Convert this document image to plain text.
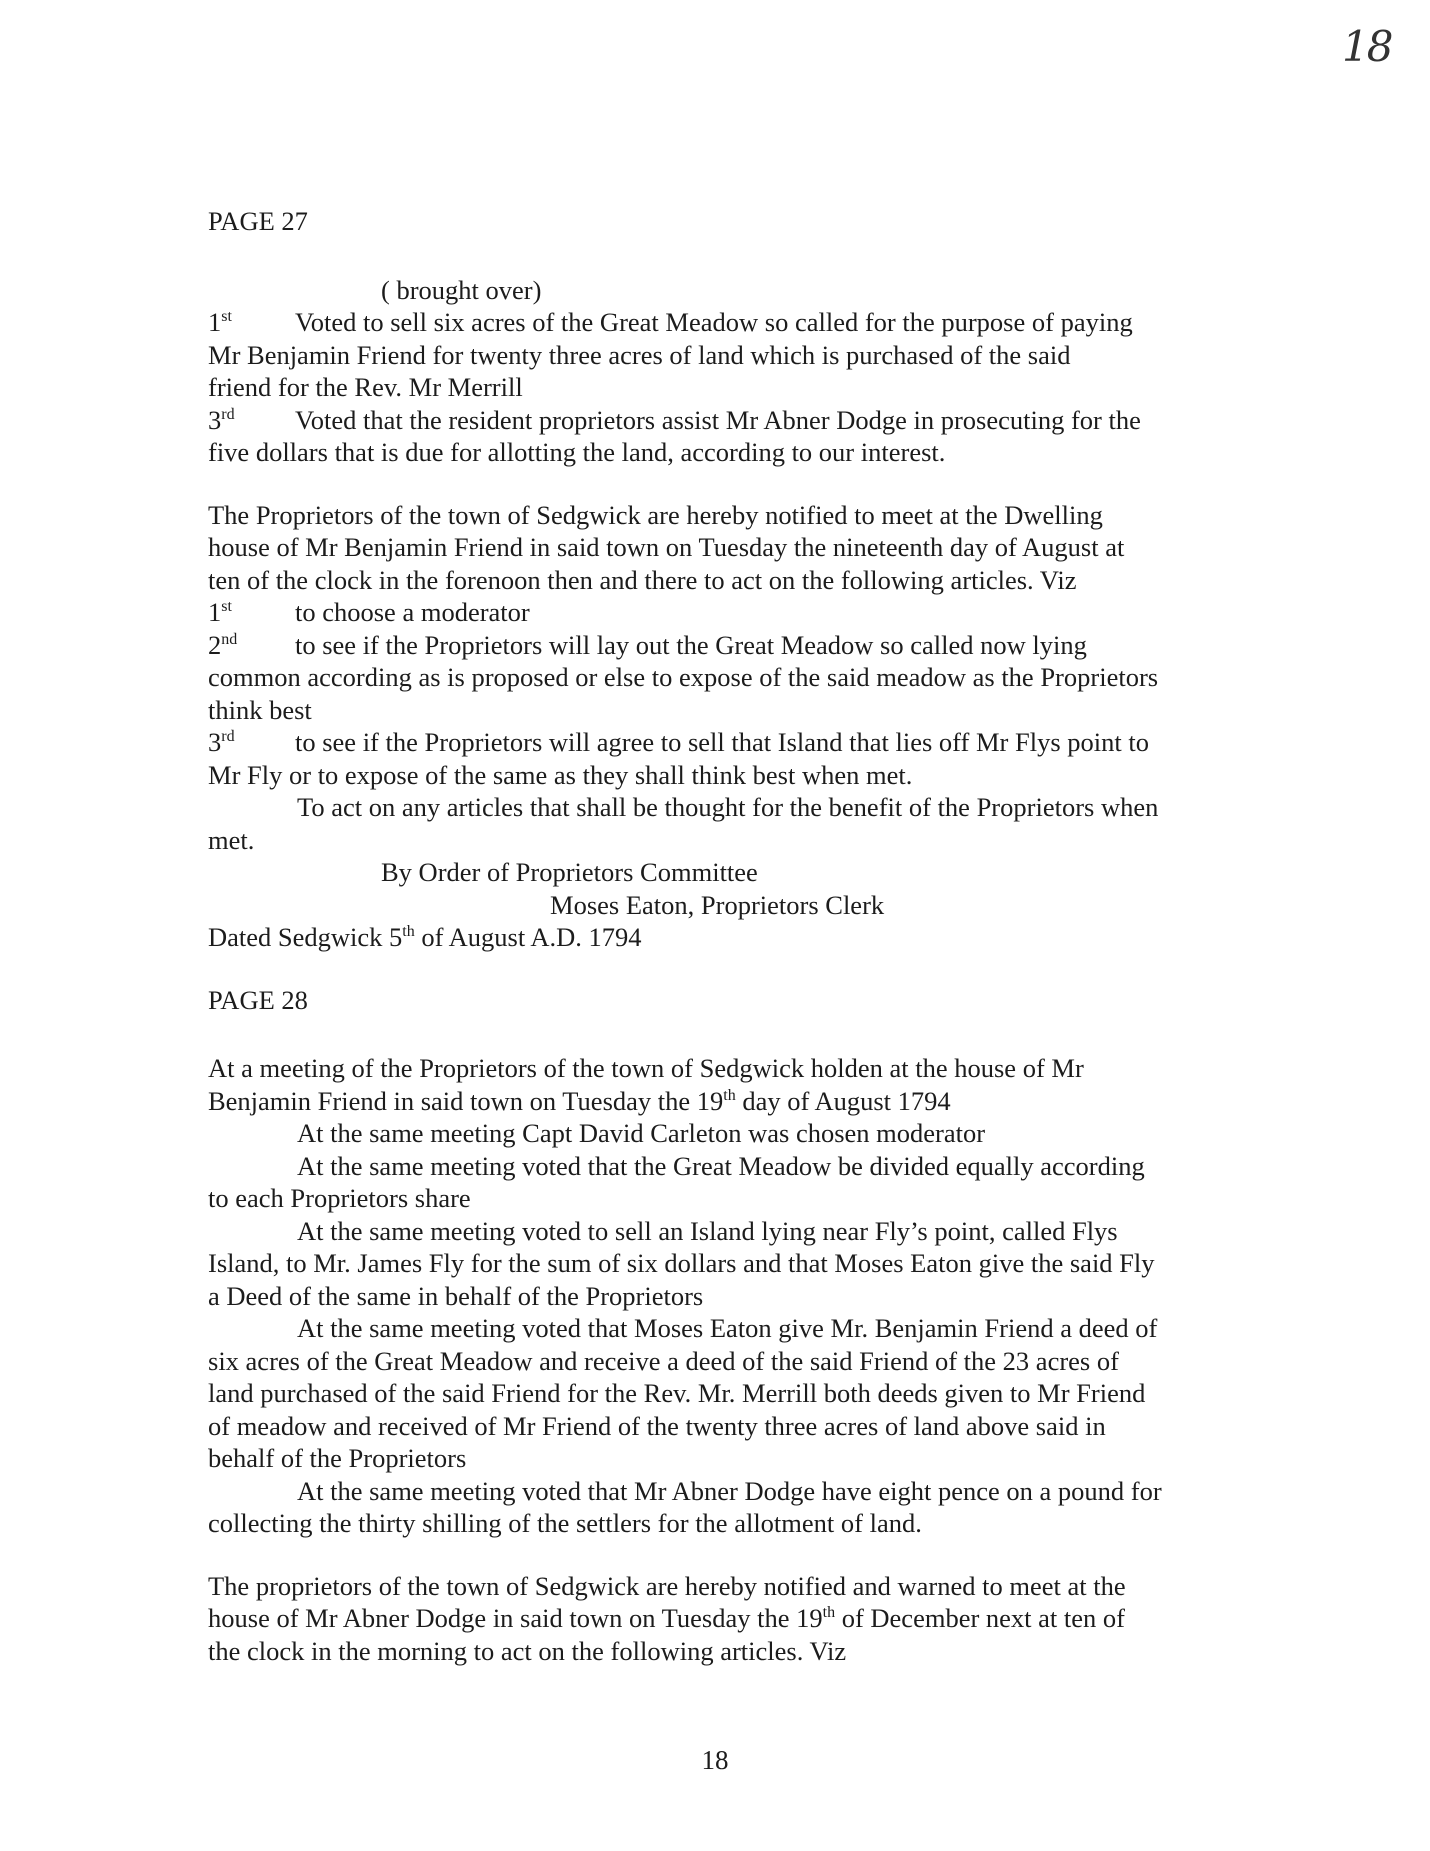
18
PAGE 27
( brought over)
1st Voted to sell six acres of the Great Meadow so called for the purpose of paying
Mr Benjamin Friend for twenty three acres of land which is purchased of the said
friend for the Rev. Mr Merrill
3rd Voted that the resident proprietors assist Mr Abner Dodge in prosecuting for the
five dollars that is due for allotting the land, according to our interest.
The Proprietors of the town of Sedgwick are hereby notified to meet at the Dwelling
house of Mr Benjamin Friend in said town on Tuesday the nineteenth day of August at
ten of the clock in the forenoon then and there to act on the following articles. Viz
1st to choose a moderator
2nd to see if the Proprietors will lay out the Great Meadow so called now lying
common according as is proposed or else to expose of the said meadow as the Proprietors
think best
3rd to see if the Proprietors will agree to sell that Island that lies off Mr Flys point to
Mr Fly or to expose of the same as they shall think best when met.
To act on any articles that shall be thought for the benefit of the Proprietors when
met.
By Order of Proprietors Committee
Moses Eaton, Proprietors Clerk
Dated Sedgwick 5th of August A.D. 1794
PAGE 28
At a meeting of the Proprietors of the town of Sedgwick holden at the house of Mr
Benjamin Friend in said town on Tuesday the 19th day of August 1794
At the same meeting Capt David Carleton was chosen moderator
At the same meeting voted that the Great Meadow be divided equally according
to each Proprietors share
At the same meeting voted to sell an Island lying near Fly’s point, called Flys
Island, to Mr. James Fly for the sum of six dollars and that Moses Eaton give the said Fly
a Deed of the same in behalf of the Proprietors
At the same meeting voted that Moses Eaton give Mr. Benjamin Friend a deed of
six acres of the Great Meadow and receive a deed of the said Friend of the 23 acres of
land purchased of the said Friend for the Rev. Mr. Merrill both deeds given to Mr Friend
of meadow and received of Mr Friend of the twenty three acres of land above said in
behalf of the Proprietors
At the same meeting voted that Mr Abner Dodge have eight pence on a pound for
collecting the thirty shilling of the settlers for the allotment of land.
The proprietors of the town of Sedgwick are hereby notified and warned to meet at the
house of Mr Abner Dodge in said town on Tuesday the 19th of December next at ten of
the clock in the morning to act on the following articles. Viz
18
